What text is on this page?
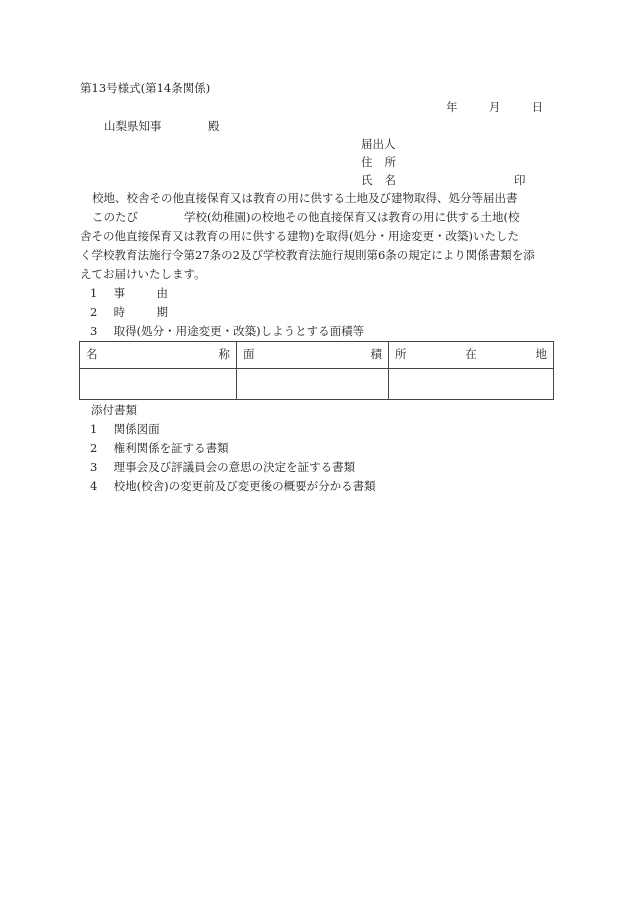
第13号様式(第14条関係)
年	月	日
山梨県知事	殿
届出人
住 所
氏 名	印
校地、校舎その他直接保育又は教育の用に供する土地及び建物取得、処分等届出書

このたび　　　　学校(幼稚園)の校地その他直接保育又は教育の用に供する土地(校

舎その他直接保育又は教育の用に供する建物)を取得(処分・用途変更・改築)いたした

く学校教育法施行令第27条の2及び学校教育法施行規則第6条の規定により関係書類を添

えてお届けいたします。

1 事	由
2 時	期
3 取得(処分・用途変更・改築)しようとする面積等
名 称	面 積	所 在 地

添付書類
1 関係図面
2 権利関係を証する書類
3 理事会及び評議員会の意思の決定を証する書類
4 校地(校舎)の変更前及び変更後の概要が分かる書類
